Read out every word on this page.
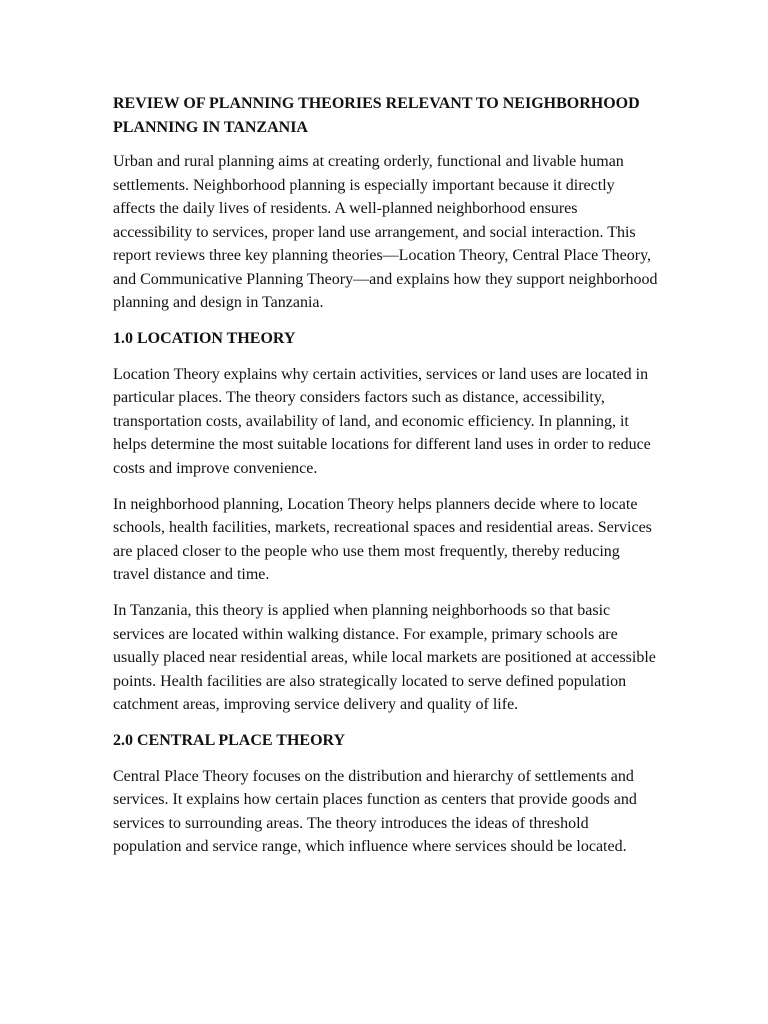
REVIEW OF PLANNING THEORIES RELEVANT TO NEIGHBORHOOD PLANNING IN TANZANIA

Urban and rural planning aims at creating orderly, functional and livable human settlements. Neighborhood planning is especially important because it directly affects the daily lives of residents. A well-planned neighborhood ensures accessibility to services, proper land use arrangement, and social interaction. This report reviews three key planning theories—Location Theory, Central Place Theory, and Communicative Planning Theory—and explains how they support neighborhood planning and design in Tanzania.

1.0 LOCATION THEORY

Location Theory explains why certain activities, services or land uses are located in particular places. The theory considers factors such as distance, accessibility, transportation costs, availability of land, and economic efficiency. In planning, it helps determine the most suitable locations for different land uses in order to reduce costs and improve convenience.

In neighborhood planning, Location Theory helps planners decide where to locate schools, health facilities, markets, recreational spaces and residential areas. Services are placed closer to the people who use them most frequently, thereby reducing travel distance and time.

In Tanzania, this theory is applied when planning neighborhoods so that basic services are located within walking distance. For example, primary schools are usually placed near residential areas, while local markets are positioned at accessible points. Health facilities are also strategically located to serve defined population catchment areas, improving service delivery and quality of life.

2.0 CENTRAL PLACE THEORY

Central Place Theory focuses on the distribution and hierarchy of settlements and services. It explains how certain places function as centers that provide goods and services to surrounding areas. The theory introduces the ideas of threshold population and service range, which influence where services should be located.
